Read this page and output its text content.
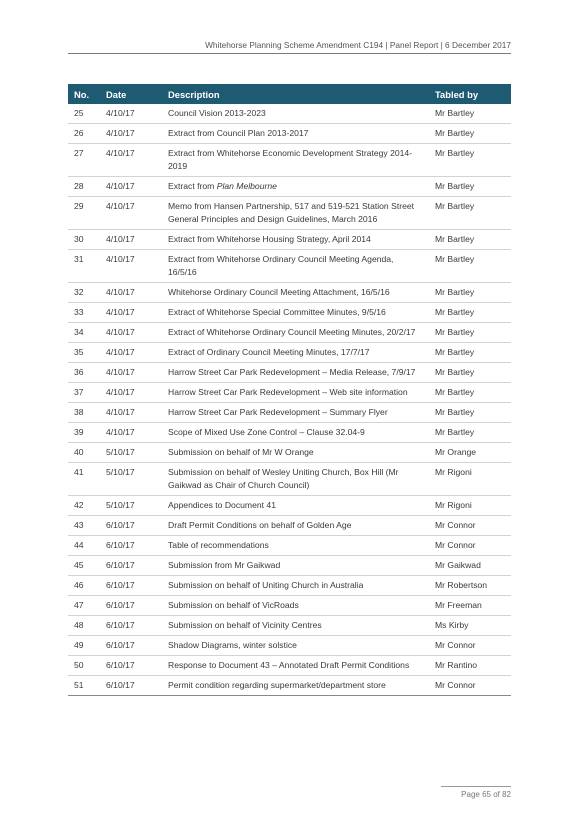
Whitehorse Planning Scheme Amendment C194 | Panel Report | 6 December 2017
No.	Date	Description	Tabled by
25	4/10/17	Council Vision 2013-2023	Mr Bartley
26	4/10/17	Extract from Council Plan 2013-2017	Mr Bartley
27	4/10/17	Extract from Whitehorse Economic Development Strategy 2014-2019	Mr Bartley
28	4/10/17	Extract from Plan Melbourne	Mr Bartley
29	4/10/17	Memo from Hansen Partnership, 517 and 519-521 Station Street General Principles and Design Guidelines, March 2016	Mr Bartley
30	4/10/17	Extract from Whitehorse Housing Strategy, April 2014	Mr Bartley
31	4/10/17	Extract from Whitehorse Ordinary Council Meeting Agenda, 16/5/16	Mr Bartley
32	4/10/17	Whitehorse Ordinary Council Meeting Attachment, 16/5/16	Mr Bartley
33	4/10/17	Extract of Whitehorse Special Committee Minutes, 9/5/16	Mr Bartley
34	4/10/17	Extract of Whitehorse Ordinary Council Meeting Minutes, 20/2/17	Mr Bartley
35	4/10/17	Extract of Ordinary Council Meeting Minutes, 17/7/17	Mr Bartley
36	4/10/17	Harrow Street Car Park Redevelopment – Media Release, 7/9/17	Mr Bartley
37	4/10/17	Harrow Street Car Park Redevelopment – Web site information	Mr Bartley
38	4/10/17	Harrow Street Car Park Redevelopment – Summary Flyer	Mr Bartley
39	4/10/17	Scope of Mixed Use Zone Control – Clause 32.04-9	Mr Bartley
40	5/10/17	Submission on behalf of Mr W Orange	Mr Orange
41	5/10/17	Submission on behalf of Wesley Uniting Church, Box Hill (Mr Gaikwad as Chair of Church Council)	Mr Rigoni
42	5/10/17	Appendices to Document 41	Mr Rigoni
43	6/10/17	Draft Permit Conditions on behalf of Golden Age	Mr Connor
44	6/10/17	Table of recommendations	Mr Connor
45	6/10/17	Submission from Mr Gaikwad	Mr Gaikwad
46	6/10/17	Submission on behalf of Uniting Church in Australia	Mr Robertson
47	6/10/17	Submission on behalf of VicRoads	Mr Freeman
48	6/10/17	Submission on behalf of Vicinity Centres	Ms Kirby
49	6/10/17	Shadow Diagrams, winter solstice	Mr Connor
50	6/10/17	Response to Document 43 – Annotated Draft Permit Conditions	Mr Rantino
51	6/10/17	Permit condition regarding supermarket/department store	Mr Connor
Page 65 of 82
